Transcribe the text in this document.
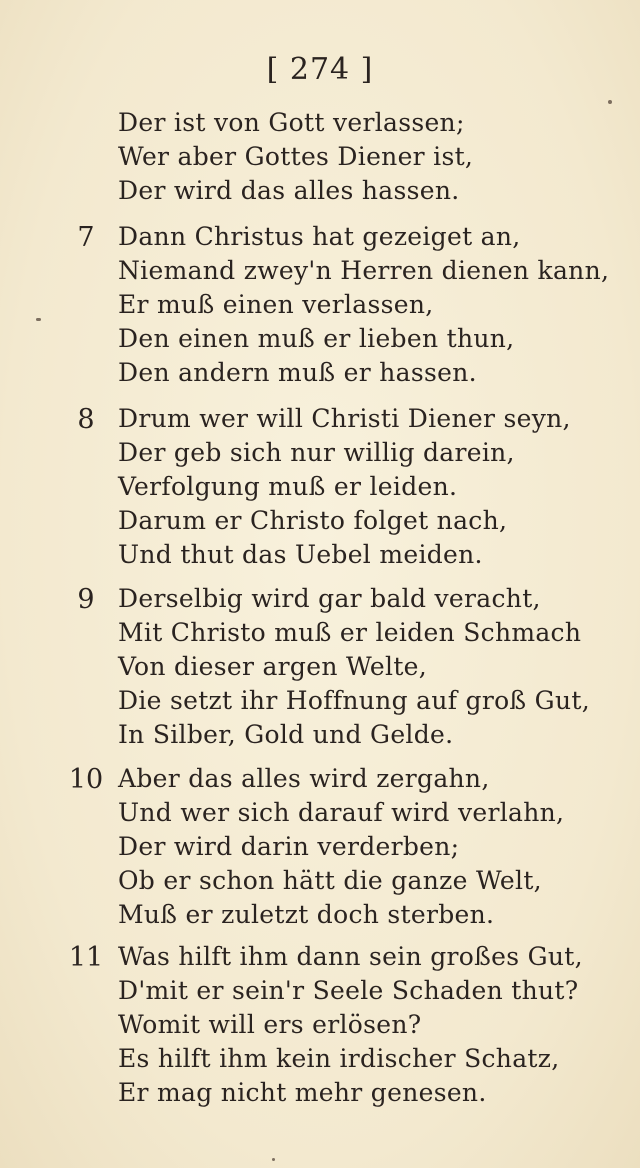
[ 274 ]
Der ist von Gott verlassen;
Wer aber Gottes Diener ist,
Der wird das alles hassen.
7 Dann Christus hat gezeiget an,
Niemand zwey'n Herren dienen kann,
Er muß einen verlassen,
Den einen muß er lieben thun,
Den andern muß er hassen.
8 Drum wer will Christi Diener seyn,
Der geb sich nur willig darein,
Verfolgung muß er leiden.
Darum er Christo folget nach,
Und thut das Uebel meiden.
9 Derselbig wird gar bald veracht,
Mit Christo muß er leiden Schmach
Von dieser argen Welte,
Die setzt ihr Hoffnung auf groß Gut,
In Silber, Gold und Gelde.
10 Aber das alles wird zergahn,
Und wer sich darauf wird verlahn,
Der wird darin verderben;
Ob er schon hätt die ganze Welt,
Muß er zuletzt doch sterben.
11 Was hilft ihm dann sein großes Gut,
D'mit er sein'r Seele Schaden thut?
Womit will ers erlösen?
Es hilft ihm kein irdischer Schatz,
Er mag nicht mehr genesen.
